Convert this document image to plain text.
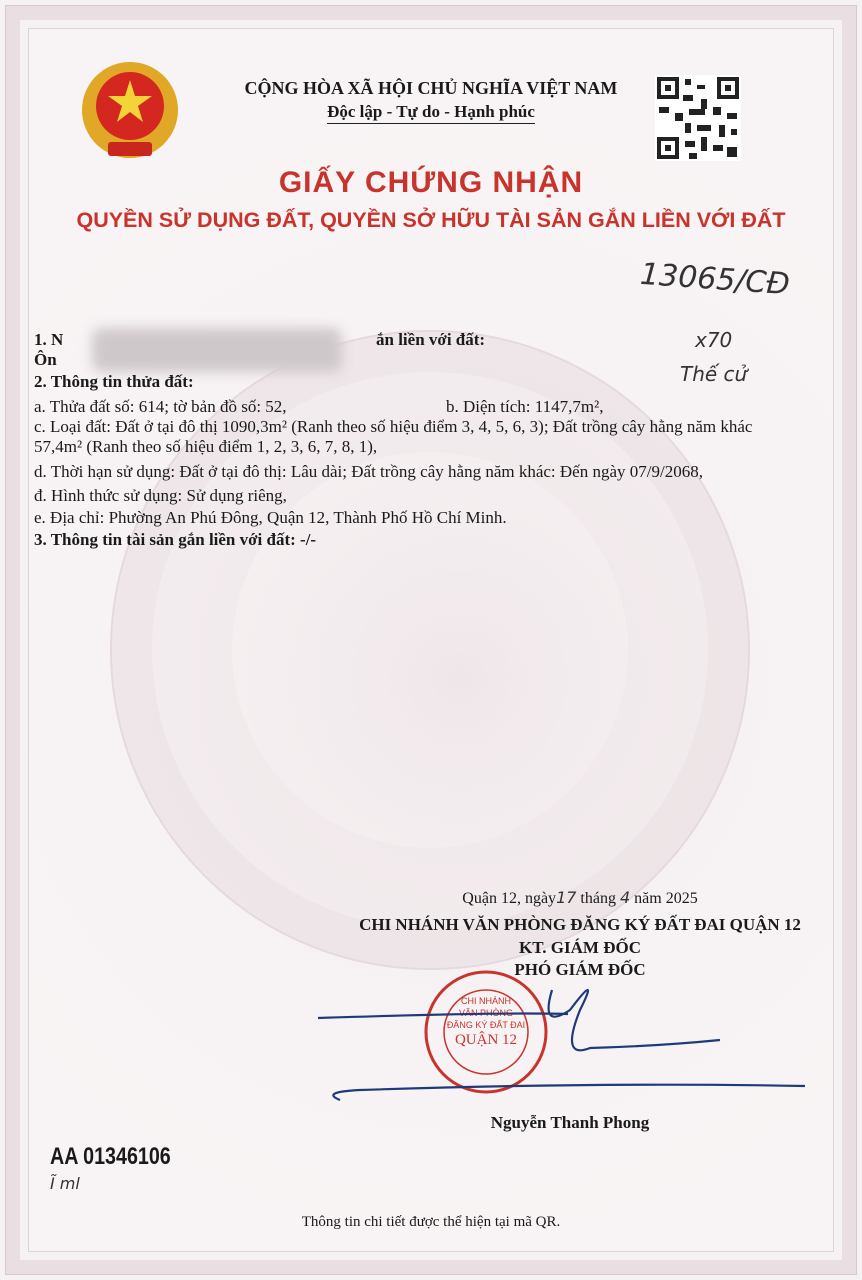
CỘNG HÒA XÃ HỘI CHỦ NGHĨA VIỆT NAM
Độc lập - Tự do - Hạnh phúc
GIẤY CHỨNG NHẬN
QUYỀN SỬ DỤNG ĐẤT, QUYỀN SỞ HỮU TÀI SẢN GẮN LIỀN VỚI ĐẤT
13065/CĐ
x70
Thế cử
1. N	ắn liền với đất:
Ôn
2. Thông tin thửa đất:
a. Thửa đất số: 614; tờ bản đồ số: 52,	b. Diện tích: 1147,7m²,
c. Loại đất: Đất ở tại đô thị 1090,3m² (Ranh theo số hiệu điểm 3, 4, 5, 6, 3); Đất trồng cây hằng năm khác
57,4m² (Ranh theo số hiệu điểm 1, 2, 3, 6, 7, 8, 1),
d. Thời hạn sử dụng: Đất ở tại đô thị: Lâu dài; Đất trồng cây hằng năm khác: Đến ngày 07/9/2068,
đ. Hình thức sử dụng: Sử dụng riêng,
e. Địa chỉ: Phường An Phú Đông, Quận 12, Thành Phố Hồ Chí Minh.
3. Thông tin tài sản gắn liền với đất: -/-
Quận 12, ngày17 tháng 4 năm 2025
CHI NHÁNH VĂN PHÒNG ĐĂNG KÝ ĐẤT ĐAI QUẬN 12
KT. GIÁM ĐỐC
PHÓ GIÁM ĐỐC
CHI NHÁNH
VĂN PHÒNG
ĐĂNG KÝ ĐẤT ĐAI
QUẬN 12
Nguyễn Thanh Phong
AA 01346106
Ĩ ml
Thông tin chi tiết được thể hiện tại mã QR.
